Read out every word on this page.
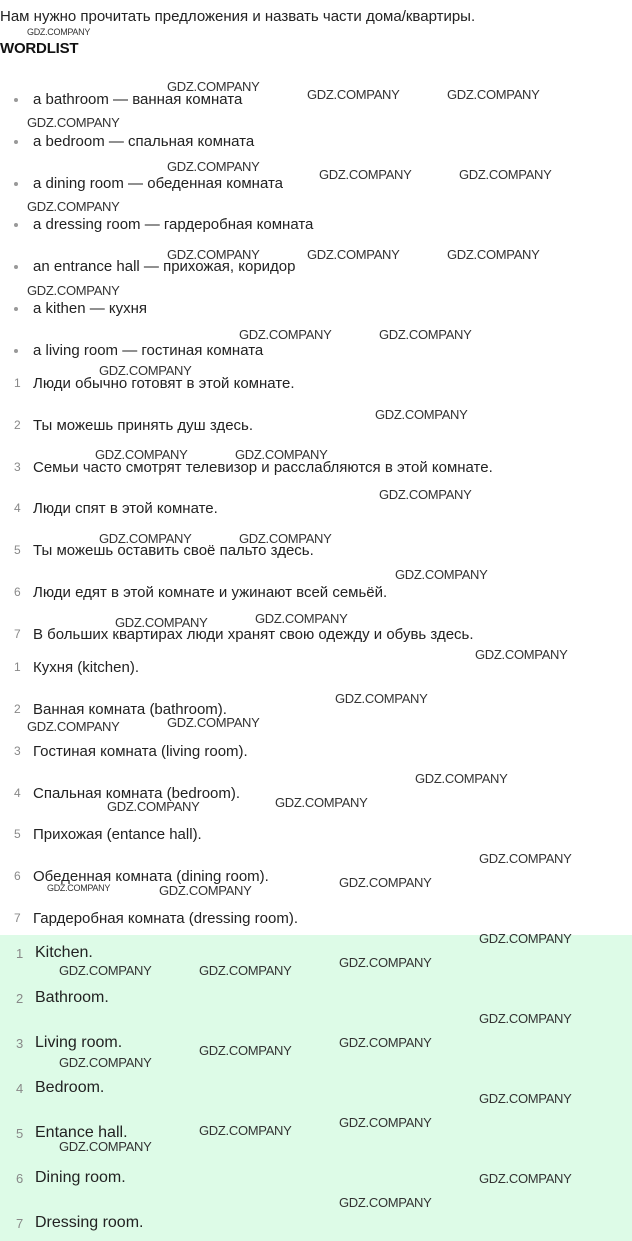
Нам нужно прочитать предложения и назвать части дома/квартиры.
WORDLIST
a bathroom — ванная комната
a bedroom — спальная комната
a dining room — обеденная комната
a dressing room — гардеробная комната
an entrance hall — прихожая, коридор
a kithen — кухня
a living room — гостиная комната
1 Люди обычно готовят в этой комнате.
2 Ты можешь принять душ здесь.
3 Семьи часто смотрят телевизор и расслабляются в этой комнате.
4 Люди спят в этой комнате.
5 Ты можешь оставить своё пальто здесь.
6 Люди едят в этой комнате и ужинают всей семьёй.
7 В больших квартирах люди хранят свою одежду и обувь здесь.
1 Кухня (kitchen).
2 Ванная комната (bathroom).
3 Гостиная комната (living room).
4 Спальная комната (bedroom).
5 Прихожая (entance hall).
6 Обеденная комната (dining room).
7 Гардеробная комната (dressing room).
1 Kitchen.
2 Bathroom.
3 Living room.
4 Bedroom.
5 Entance hall.
6 Dining room.
7 Dressing room.
GDZ.COMPANY
GDZ.COMPANY
GDZ.COMPANY	GDZ.COMPANY
GDZ.COMPANY
GDZ.COMPANY
GDZ.COMPANY	GDZ.COMPANY
GDZ.COMPANY
GDZ.COMPANY	GDZ.COMPANY	GDZ.COMPANY
GDZ.COMPANY
GDZ.COMPANY	GDZ.COMPANY
GDZ.COMPANY
GDZ.COMPANY
GDZ.COMPANY	GDZ.COMPANY
GDZ.COMPANY
GDZ.COMPANY	GDZ.COMPANY
GDZ.COMPANY
GDZ.COMPANY	GDZ.COMPANY
GDZ.COMPANY
GDZ.COMPANY
GDZ.COMPANY	GDZ.COMPANY
GDZ.COMPANY
GDZ.COMPANY	GDZ.COMPANY
GDZ.COMPANY
GDZ.COMPANY
GDZ.COMPANY	GDZ.COMPANY
GDZ.COMPANY
GDZ.COMPANY	GDZ.COMPANY
GDZ.COMPANY
GDZ.COMPANY
GDZ.COMPANY
GDZ.COMPANY
GDZ.COMPANY
GDZ.COMPANY
GDZ.COMPANY
GDZ.COMPANY
GDZ.COMPANY
GDZ.COMPANY
GDZ.COMPANY
